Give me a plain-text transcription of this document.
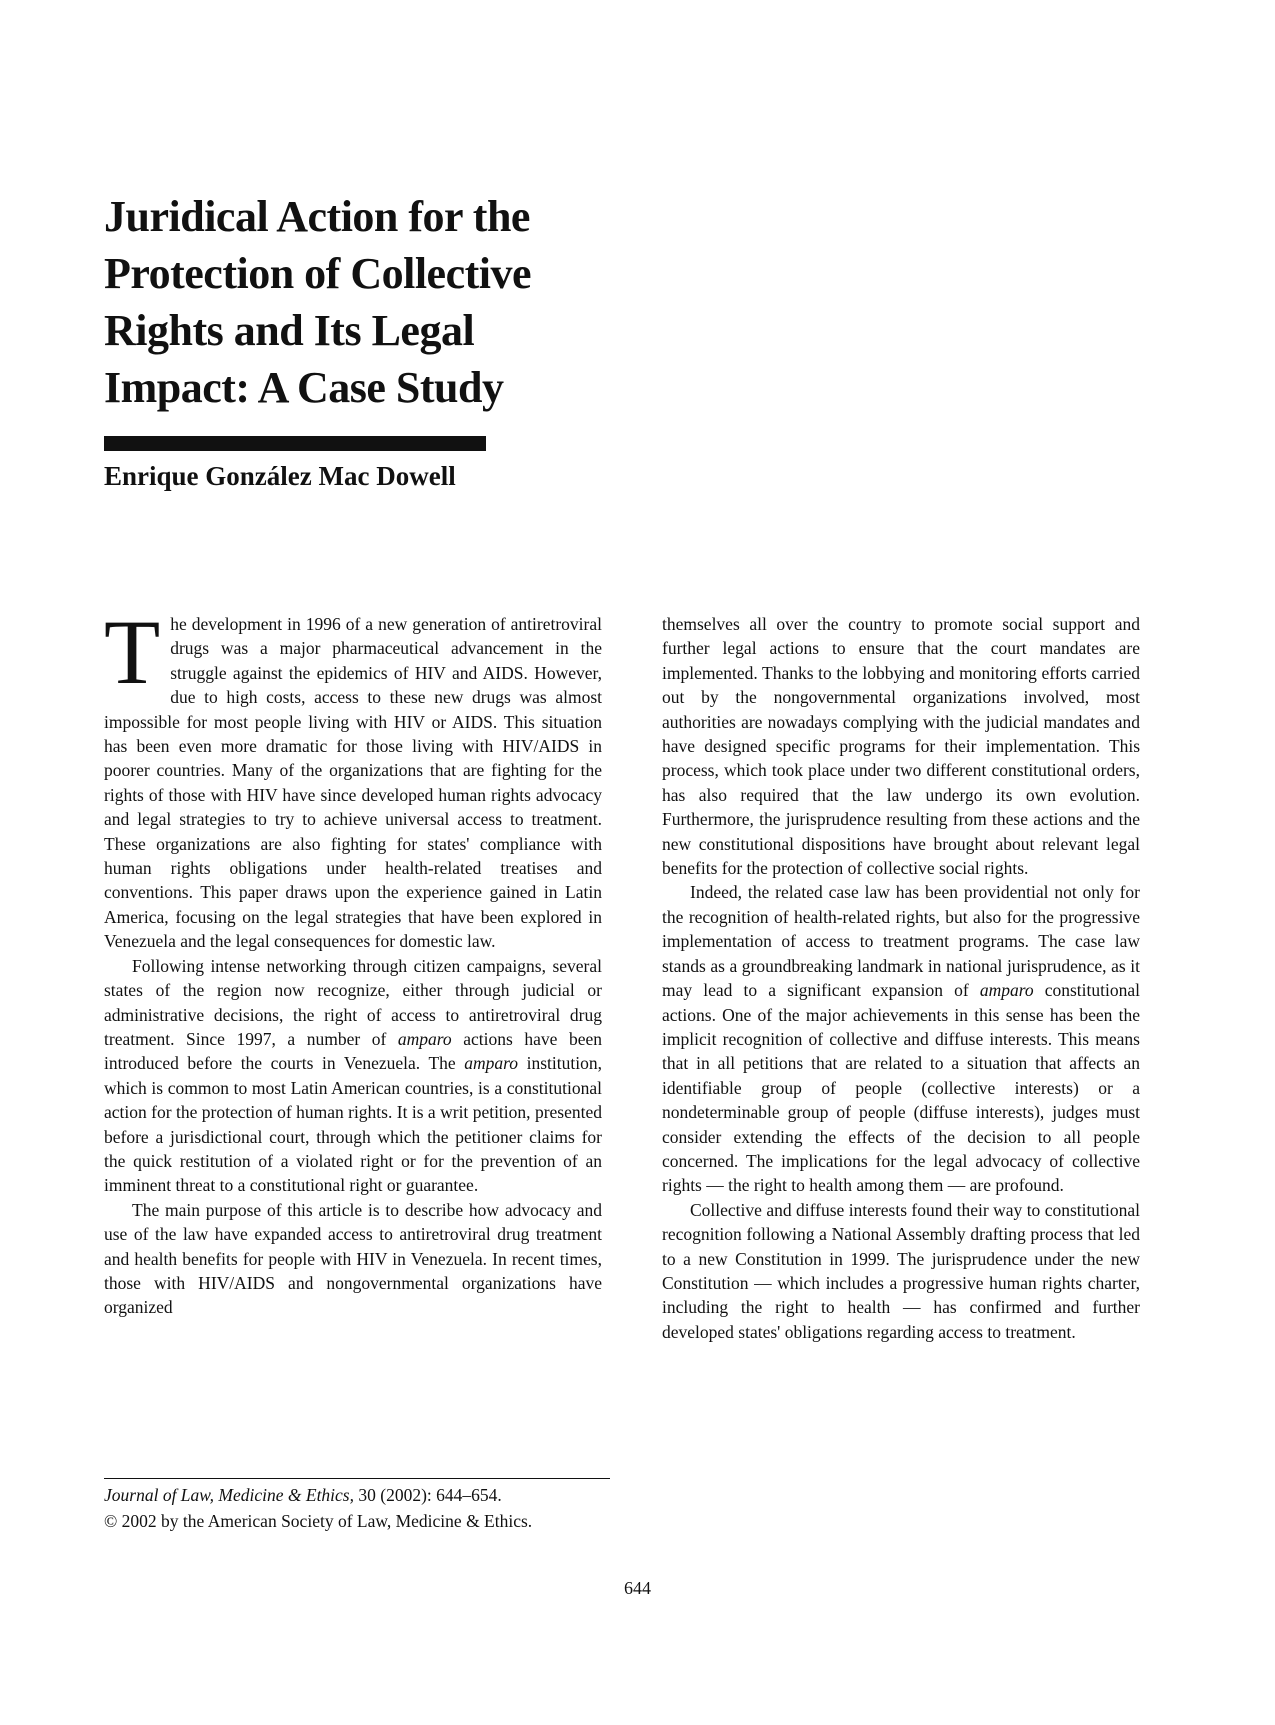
Juridical Action for the Protection of Collective Rights and Its Legal Impact: A Case Study
Enrique González Mac Dowell

The development in 1996 of a new generation of antiretroviral drugs was a major pharmaceutical advancement in the struggle against the epidemics of HIV and AIDS. However, due to high costs, access to these new drugs was almost impossible for most people living with HIV or AIDS. This situation has been even more dramatic for those living with HIV/AIDS in poorer countries. Many of the organizations that are fighting for the rights of those with HIV have since developed human rights advocacy and legal strategies to try to achieve universal access to treatment. These organizations are also fighting for states' compliance with human rights obligations under health-related treatises and conventions. This paper draws upon the experience gained in Latin America, focusing on the legal strategies that have been explored in Venezuela and the legal consequences for domestic law.

Following intense networking through citizen campaigns, several states of the region now recognize, either through judicial or administrative decisions, the right of access to antiretroviral drug treatment. Since 1997, a number of amparo actions have been introduced before the courts in Venezuela. The amparo institution, which is common to most Latin American countries, is a constitutional action for the protection of human rights. It is a writ petition, presented before a jurisdictional court, through which the petitioner claims for the quick restitution of a violated right or for the prevention of an imminent threat to a constitutional right or guarantee.

The main purpose of this article is to describe how advocacy and use of the law have expanded access to antiretroviral drug treatment and health benefits for people with HIV in Venezuela. In recent times, those with HIV/AIDS and nongovernmental organizations have organized

themselves all over the country to promote social support and further legal actions to ensure that the court mandates are implemented. Thanks to the lobbying and monitoring efforts carried out by the nongovernmental organizations involved, most authorities are nowadays complying with the judicial mandates and have designed specific programs for their implementation. This process, which took place under two different constitutional orders, has also required that the law undergo its own evolution. Furthermore, the jurisprudence resulting from these actions and the new constitutional dispositions have brought about relevant legal benefits for the protection of collective social rights.

Indeed, the related case law has been providential not only for the recognition of health-related rights, but also for the progressive implementation of access to treatment programs. The case law stands as a groundbreaking landmark in national jurisprudence, as it may lead to a significant expansion of amparo constitutional actions. One of the major achievements in this sense has been the implicit recognition of collective and diffuse interests. This means that in all petitions that are related to a situation that affects an identifiable group of people (collective interests) or a nondeterminable group of people (diffuse interests), judges must consider extending the effects of the decision to all people concerned. The implications for the legal advocacy of collective rights — the right to health among them — are profound.

Collective and diffuse interests found their way to constitutional recognition following a National Assembly drafting process that led to a new Constitution in 1999. The jurisprudence under the new Constitution — which includes a progressive human rights charter, including the right to health — has confirmed and further developed states' obligations regarding access to treatment.

Journal of Law, Medicine & Ethics, 30 (2002): 644–654.
© 2002 by the American Society of Law, Medicine & Ethics.
644
